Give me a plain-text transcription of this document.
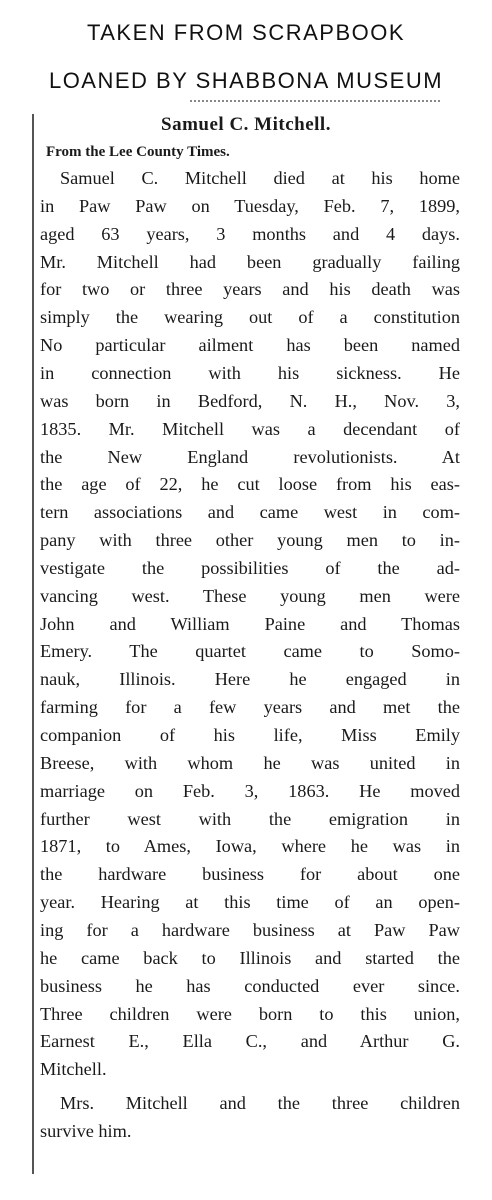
TAKEN FROM SCRAPBOOK
LOANED BY SHABBONA MUSEUM
Samuel C. Mitchell.
From the Lee County Times.
Samuel C. Mitchell died at his home
in Paw Paw on Tuesday, Feb. 7, 1899,
aged 63 years, 3 months and 4 days.
Mr. Mitchell had been gradually failing
for two or three years and his death was
simply the wearing out of a constitution
No particular ailment has been named
in connection with his sickness. He
was born in Bedford, N. H., Nov. 3,
1835. Mr. Mitchell was a decendant of
the New England revolutionists. At
the age of 22, he cut loose from his eas-
tern associations and came west in com-
pany with three other young men to in-
vestigate the possibilities of the ad-
vancing west. These young men were
John and William Paine and Thomas
Emery. The quartet came to Somo-
nauk, Illinois. Here he engaged in
farming for a few years and met the
companion of his life, Miss Emily
Breese, with whom he was united in
marriage on Feb. 3, 1863. He moved
further west with the emigration in
1871, to Ames, Iowa, where he was in
the hardware business for about one
year. Hearing at this time of an open-
ing for a hardware business at Paw Paw
he came back to Illinois and started the
business he has conducted ever since.
Three children were born to this union,
Earnest E., Ella C., and Arthur G.
Mitchell.
Mrs. Mitchell and the three children
survive him.
